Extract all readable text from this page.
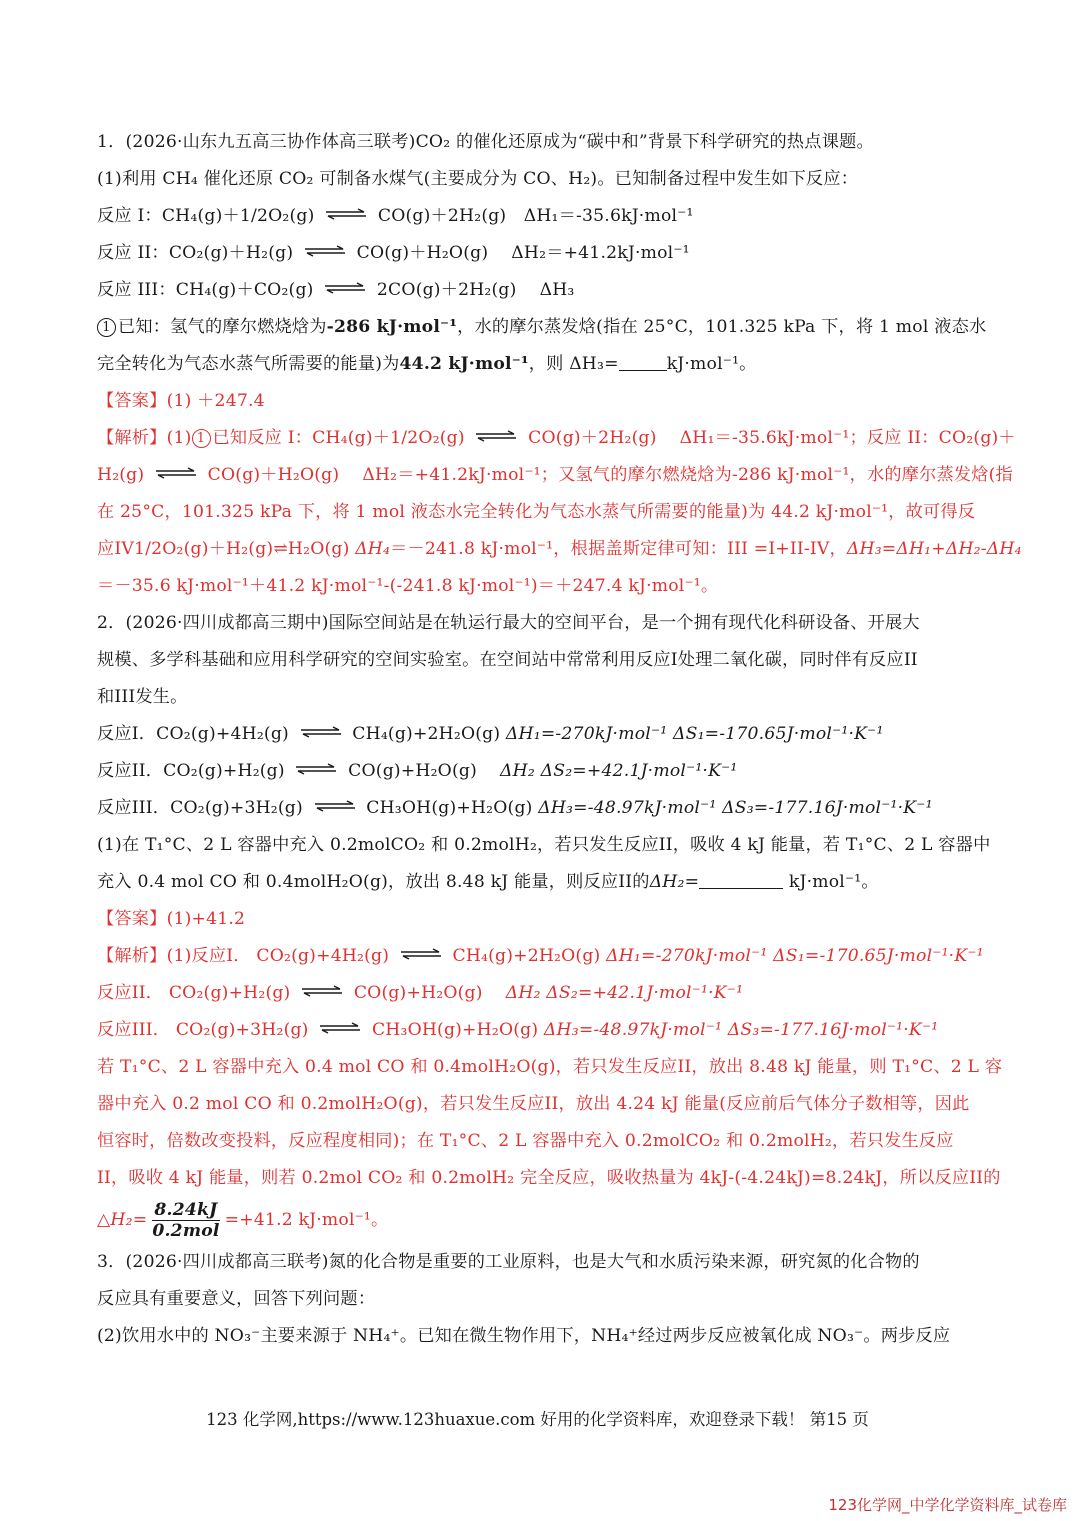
1．(2026·山东九五高三协作体高三联考)CO₂ 的催化还原成为“碳中和”背景下科学研究的热点课题。
(1)利用 CH₄ 催化还原 CO₂ 可制备水煤气(主要成分为 CO、H₂)。已知制备过程中发生如下反应：
反应 I：CH₄(g)＋1/2O₂(g) ⇌ CO(g)＋2H₂(g)　 ΔH₁＝-35.6kJ·mol⁻¹
反应 II：CO₂(g)＋H₂(g) ⇌ CO(g)＋H₂O(g)　 ΔH₂＝+41.2kJ·mol⁻¹
反应 III：CH₄(g)＋CO₂(g) ⇌ 2CO(g)＋2H₂(g)　 ΔH₃
1 已知：氢气的摩尔燃烧焓为-286 kJ·mol⁻¹，水的摩尔蒸发焓(指在 25°C，101.325 kPa 下，将 1 mol 液态水
完全转化为气态水蒸气所需要的能量)为44.2 kJ·mol⁻¹，则 ΔH₃=	kJ·mol⁻¹。
【答案】(1) ＋247.4
【解析】(1) 1 已知反应 I：CH₄(g)＋1/2O₂(g) ⇌ CO(g)＋2H₂(g)　 ΔH₁＝-35.6kJ·mol⁻¹；反应 II：CO₂(g)＋
H₂(g) ⇌ CO(g)＋H₂O(g)　 ΔH₂＝+41.2kJ·mol⁻¹；又氢气的摩尔燃烧焓为-286 kJ·mol⁻¹，水的摩尔蒸发焓(指
在 25°C，101.325 kPa 下，将 1 mol 液态水完全转化为气态水蒸气所需要的能量)为 44.2 kJ·mol⁻¹，故可得反
应IV1/2O₂(g)＋H₂(g)⇌H₂O(g) ΔH₄＝－241.8 kJ·mol⁻¹，根据盖斯定律可知：III =I+II-IV，ΔH₃=ΔH₁+ΔH₂-ΔH₄
＝－35.6 kJ·mol⁻¹＋41.2 kJ·mol⁻¹-(-241.8 kJ·mol⁻¹)＝＋247.4 kJ·mol⁻¹。
2．(2026·四川成都高三期中)国际空间站是在轨运行最大的空间平台，是一个拥有现代化科研设备、开展大
规模、多学科基础和应用科学研究的空间实验室。在空间站中常常利用反应I处理二氧化碳，同时伴有反应II
和III发生。
反应I．CO₂(g)+4H₂(g) ⇌ CH₄(g)+2H₂O(g) ΔH₁=-270kJ·mol⁻¹ ΔS₁=-170.65J·mol⁻¹·K⁻¹
反应II．CO₂(g)+H₂(g) ⇌ CO(g)+H₂O(g)　 ΔH₂ ΔS₂=+42.1J·mol⁻¹·K⁻¹
反应III．CO₂(g)+3H₂(g) ⇌ CH₃OH(g)+H₂O(g) ΔH₃=-48.97kJ·mol⁻¹ ΔS₃=-177.16J·mol⁻¹·K⁻¹
(1)在 T₁°C、2 L 容器中充入 0.2molCO₂ 和 0.2molH₂，若只发生反应II，吸收 4 kJ 能量，若 T₁°C、2 L 容器中
充入 0.4 mol CO 和 0.4molH₂O(g)，放出 8.48 kJ 能量，则反应II的ΔH₂=	kJ·mol⁻¹。
【答案】(1)+41.2
【解析】(1)反应I． CO₂(g)+4H₂(g) ⇌ CH₄(g)+2H₂O(g) ΔH₁=-270kJ·mol⁻¹ ΔS₁=-170.65J·mol⁻¹·K⁻¹
反应II． CO₂(g)+H₂(g) ⇌ CO(g)+H₂O(g)　 ΔH₂ ΔS₂=+42.1J·mol⁻¹·K⁻¹
反应III． CO₂(g)+3H₂(g) ⇌ CH₃OH(g)+H₂O(g) ΔH₃=-48.97kJ·mol⁻¹ ΔS₃=-177.16J·mol⁻¹·K⁻¹
若 T₁°C、2 L 容器中充入 0.4 mol CO 和 0.4molH₂O(g)，若只发生反应II，放出 8.48 kJ 能量，则 T₁°C、2 L 容
器中充入 0.2 mol CO 和 0.2molH₂O(g)，若只发生反应II，放出 4.24 kJ 能量(反应前后气体分子数相等，因此
恒容时，倍数改变投料，反应程度相同)；在 T₁°C、2 L 容器中充入 0.2molCO₂ 和 0.2molH₂，若只发生反应
II，吸收 4 kJ 能量，则若 0.2mol CO₂ 和 0.2molH₂ 完全反应，吸收热量为 4kJ-(-4.24kJ)=8.24kJ，所以反应II的
△H₂= $\frac{8.24kJ}{\text{0.2mol}} =+41.2$ kJ·mol⁻¹。
3．(2026·四川成都高三联考)氮的化合物是重要的工业原料，也是大气和水质污染来源，研究氮的化合物的
反应具有重要意义，回答下列问题：
(2)饮用水中的 NO₃⁻主要来源于 NH₄⁺。已知在微生物作用下，NH₄⁺经过两步反应被氧化成 NO₃⁻。两步反应
123 化学网,https://www.123huaxue.com 好用的化学资料库，欢迎登录下载！ 第15 页
123化学网_中学化学资料库_试卷库
